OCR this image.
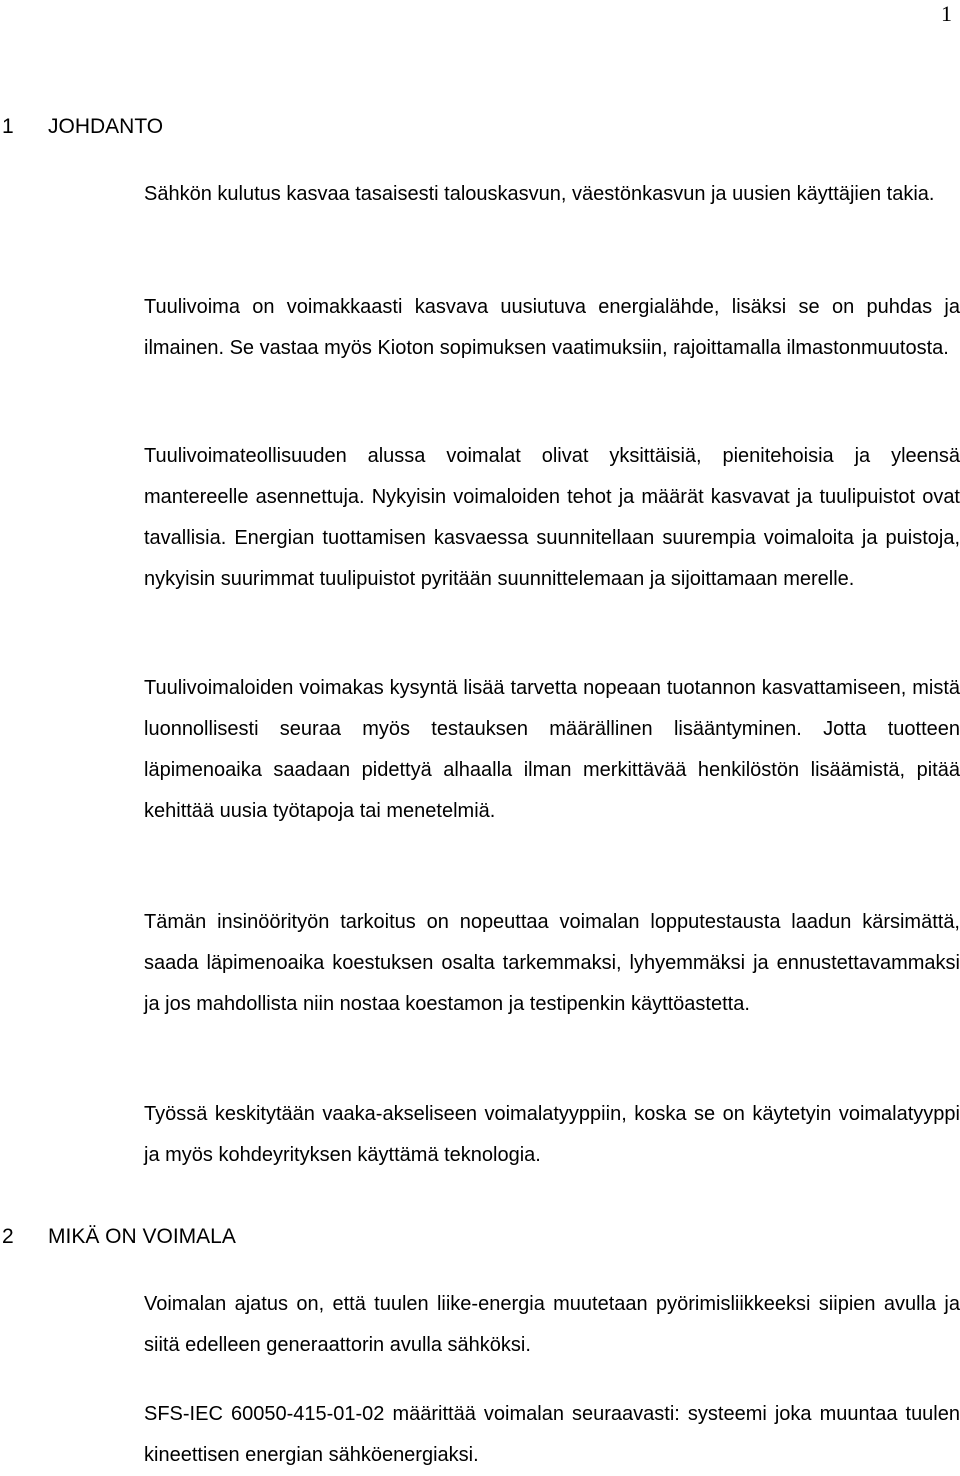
1
1 JOHDANTO

Sähkön kulutus kasvaa tasaisesti talouskasvun, väestönkasvun ja uusien käyttäjien takia.

Tuulivoima on voimakkaasti kasvava uusiutuva energialähde, lisäksi se on puhdas ja ilmainen. Se vastaa myös Kioton sopimuksen vaatimuksiin, rajoittamalla ilmastonmuutosta.

Tuulivoimateollisuuden alussa voimalat olivat yksittäisiä, pienitehoisia ja yleensä mantereelle asennettuja. Nykyisin voimaloiden tehot ja määrät kasvavat ja tuulipuistot ovat tavallisia. Energian tuottamisen kasvaessa suunnitellaan suurempia voimaloita ja puistoja, nykyisin suurimmat tuulipuistot pyritään suunnittelemaan ja sijoittamaan merelle.

Tuulivoimaloiden voimakas kysyntä lisää tarvetta nopeaan tuotannon kasvattamiseen, mistä luonnollisesti seuraa myös testauksen määrällinen lisääntyminen. Jotta tuotteen läpimenoaika saadaan pidettyä alhaalla ilman merkittävää henkilöstön lisäämistä, pitää kehittää uusia työtapoja tai menetelmiä.

Tämän insinöörityön tarkoitus on nopeuttaa voimalan lopputestausta laadun kärsimättä, saada läpimenoaika koestuksen osalta tarkemmaksi, lyhyemmäksi ja ennustettavammaksi ja jos mahdollista niin nostaa koestamon ja testipenkin käyttöastetta.

Työssä keskitytään vaaka-akseliseen voimalatyyppiin, koska se on käytetyin voimalatyyppi ja myös kohdeyrityksen käyttämä teknologia.

2 MIKÄ ON VOIMALA

Voimalan ajatus on, että tuulen liike-energia muutetaan pyörimisliikkeeksi siipien avulla ja siitä edelleen generaattorin avulla sähköksi.

SFS-IEC 60050-415-01-02 määrittää voimalan seuraavasti: systeemi joka muuntaa tuulen kineettisen energian sähköenergiaksi.
